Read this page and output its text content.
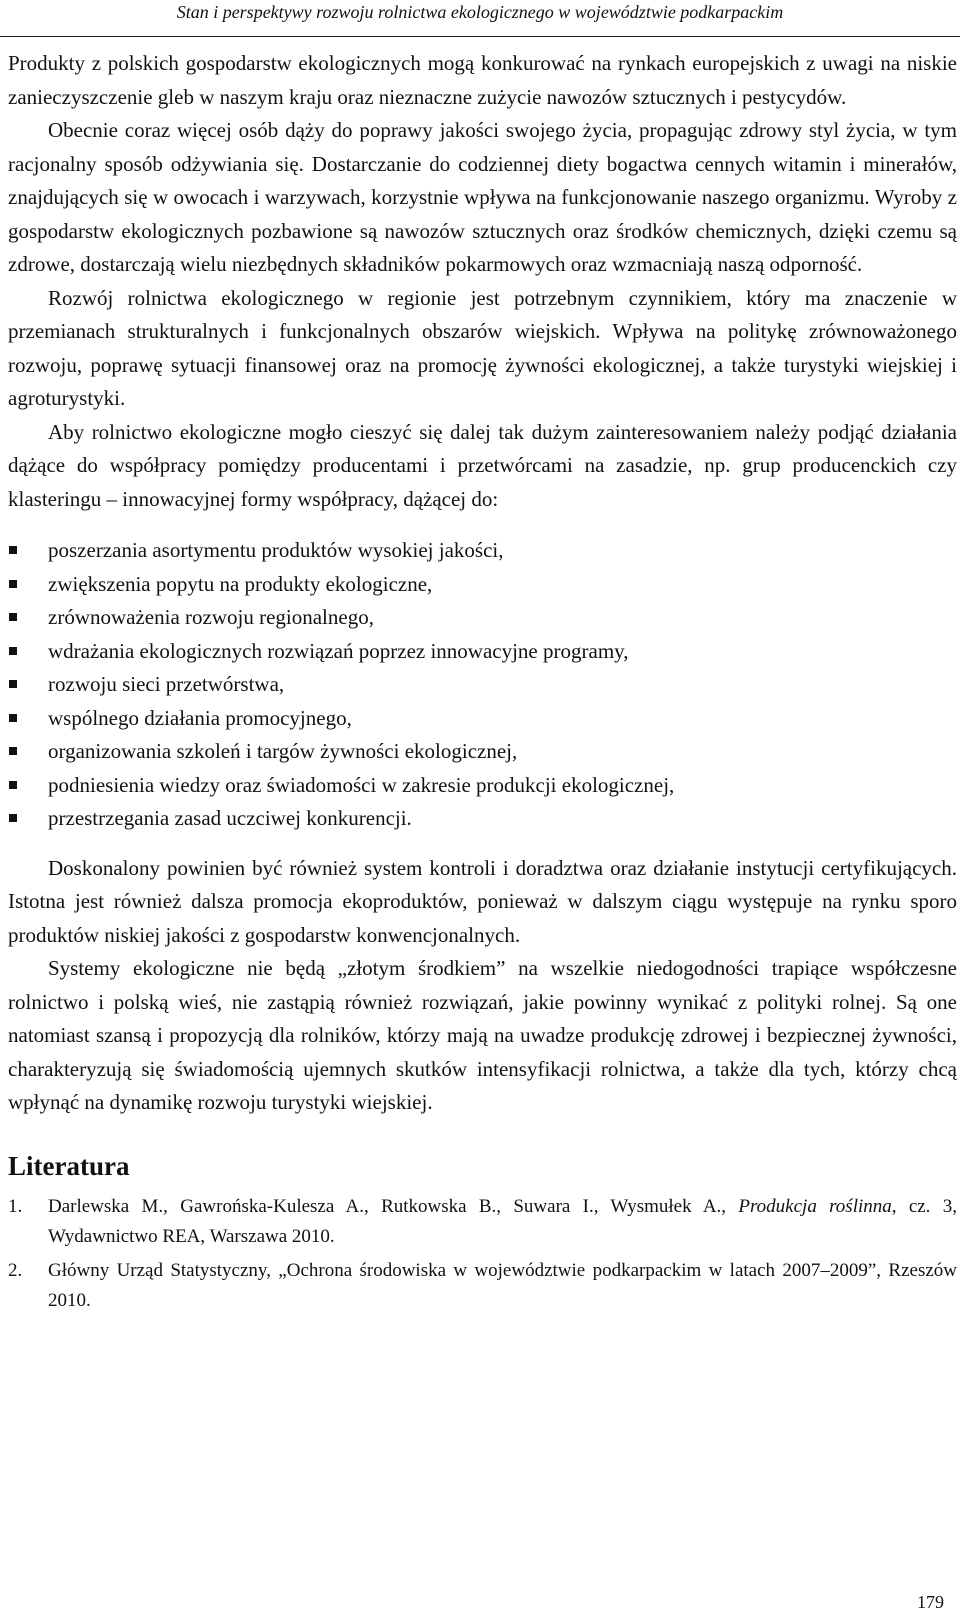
Stan i perspektywy rozwoju rolnictwa ekologicznego w województwie podkarpackim

Produkty z polskich gospodarstw ekologicznych mogą konkurować na rynkach europejskich z uwagi na niskie zanieczyszczenie gleb w naszym kraju oraz nieznaczne zużycie nawozów sztucznych i pestycydów.

Obecnie coraz więcej osób dąży do poprawy jakości swojego życia, propagując zdrowy styl życia, w tym racjonalny sposób odżywiania się. Dostarczanie do codziennej diety bogactwa cennych witamin i minerałów, znajdujących się w owocach i warzywach, korzystnie wpływa na funkcjonowanie naszego organizmu. Wyroby z gospodarstw ekologicznych pozbawione są nawozów sztucznych oraz środków chemicznych, dzięki czemu są zdrowe, dostarczają wielu niezbędnych składników pokarmowych oraz wzmacniają naszą odporność.

Rozwój rolnictwa ekologicznego w regionie jest potrzebnym czynnikiem, który ma znaczenie w przemianach strukturalnych i funkcjonalnych obszarów wiejskich. Wpływa na politykę zrównoważonego rozwoju, poprawę sytuacji finansowej oraz na promocję żywności ekologicznej, a także turystyki wiejskiej i agroturystyki.

Aby rolnictwo ekologiczne mogło cieszyć się dalej tak dużym zainteresowaniem należy podjąć działania dążące do współpracy pomiędzy producentami i przetwórcami na zasadzie, np. grup producenckich czy klasteringu – innowacyjnej formy współpracy, dążącej do:

poszerzania asortymentu produktów wysokiej jakości,
zwiększenia popytu na produkty ekologiczne,
zrównoważenia rozwoju regionalnego,
wdrażania ekologicznych rozwiązań poprzez innowacyjne programy,
rozwoju sieci przetwórstwa,
wspólnego działania promocyjnego,
organizowania szkoleń i targów żywności ekologicznej,
podniesienia wiedzy oraz świadomości w zakresie produkcji ekologicznej,
przestrzegania zasad uczciwej konkurencji.

Doskonalony powinien być również system kontroli i doradztwa oraz działanie instytucji certyfikujących. Istotna jest również dalsza promocja ekoproduktów, ponieważ w dalszym ciągu występuje na rynku sporo produktów niskiej jakości z gospodarstw konwencjonalnych.

Systemy ekologiczne nie będą „złotym środkiem” na wszelkie niedogodności trapiące współczesne rolnictwo i polską wieś, nie zastąpią również rozwiązań, jakie powinny wynikać z polityki rolnej. Są one natomiast szansą i propozycją dla rolników, którzy mają na uwadze produkcję zdrowej i bezpiecznej żywności, charakteryzują się świadomością ujemnych skutków intensyfikacji rolnictwa, a także dla tych, którzy chcą wpłynąć na dynamikę rozwoju turystyki wiejskiej.

Literatura
1. Darlewska M., Gawrońska-Kulesza A., Rutkowska B., Suwara I., Wysmułek A., Produkcja roślinna, cz. 3, Wydawnictwo REA, Warszawa 2010.
2. Główny Urząd Statystyczny, „Ochrona środowiska w województwie podkarpackim w latach 2007–2009”, Rzeszów 2010.
179
